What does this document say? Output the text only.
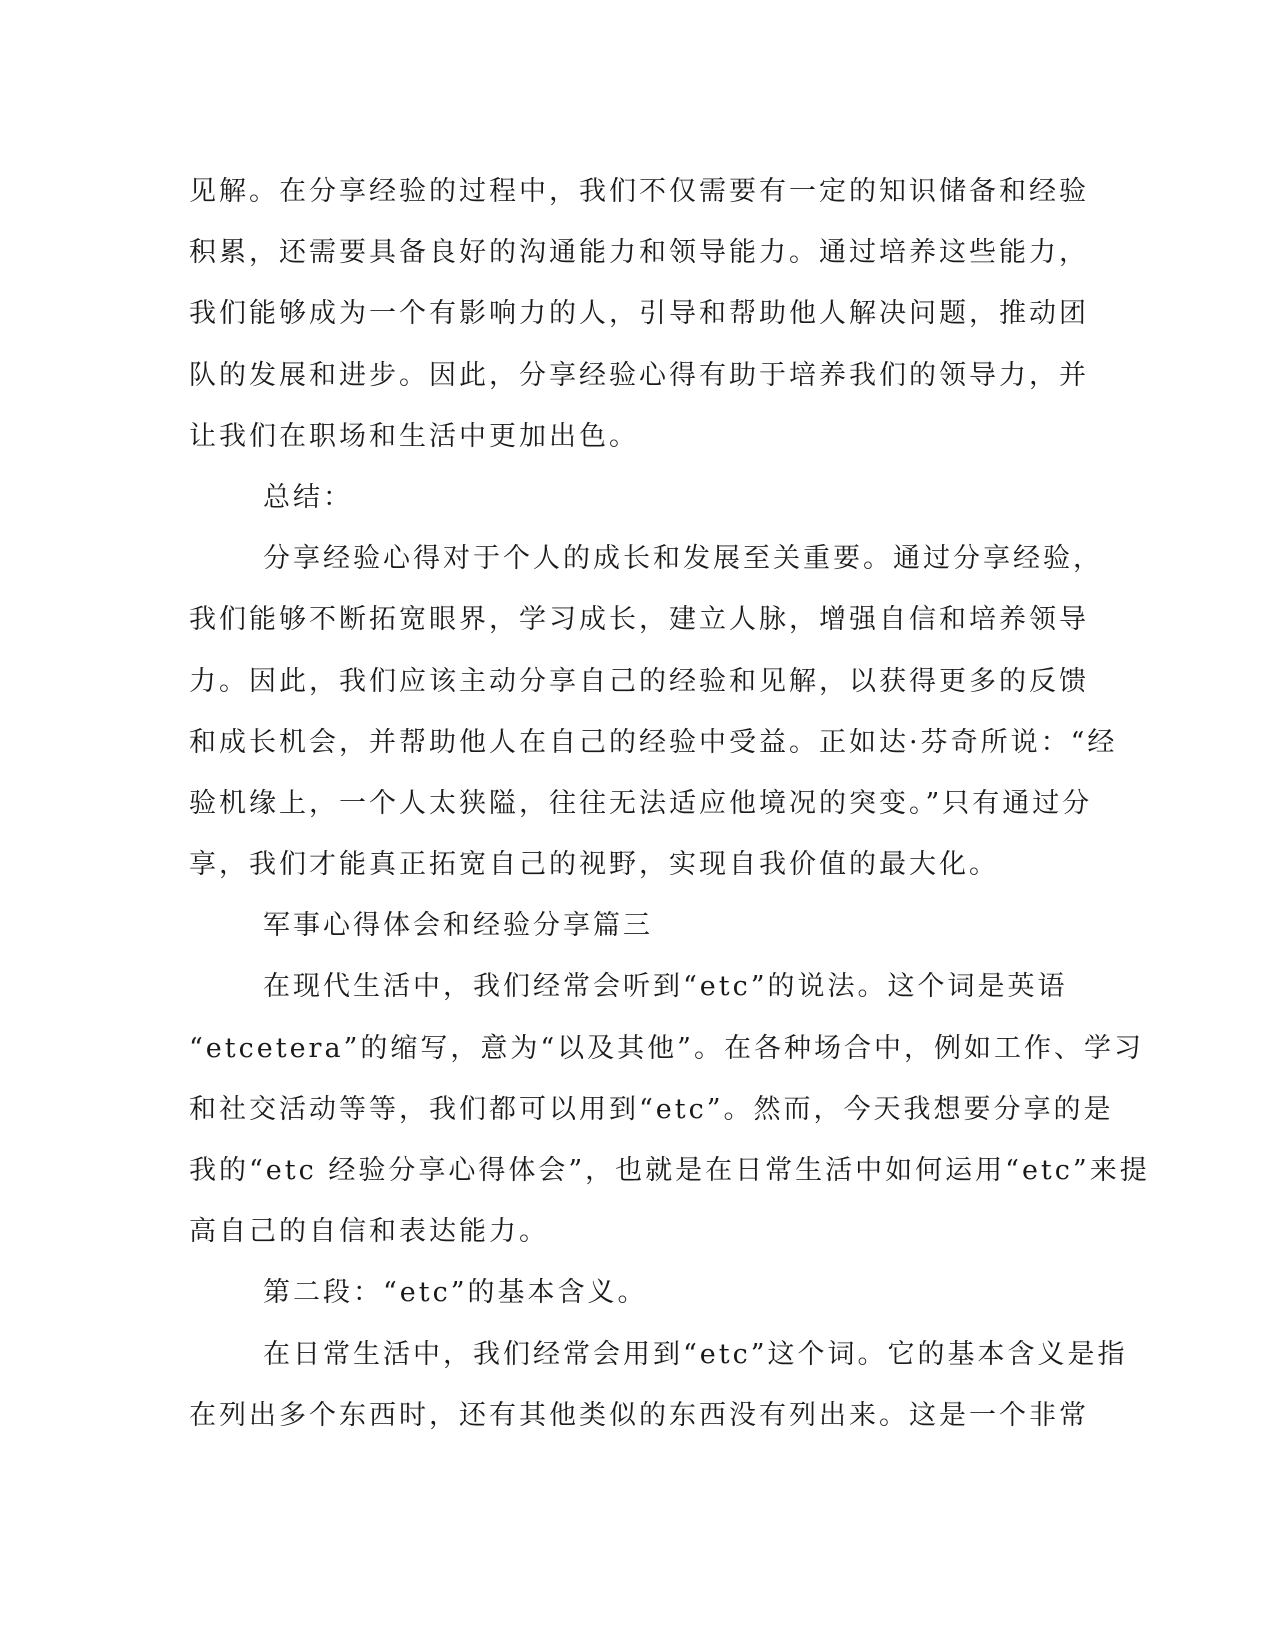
见解。在分享经验的过程中，我们不仅需要有一定的知识储备和经验
积累，还需要具备良好的沟通能力和领导能力。通过培养这些能力，
我们能够成为一个有影响力的人，引导和帮助他人解决问题，推动团
队的发展和进步。因此，分享经验心得有助于培养我们的领导力，并
让我们在职场和生活中更加出色。
总结：
分享经验心得对于个人的成长和发展至关重要。通过分享经验，
我们能够不断拓宽眼界，学习成长，建立人脉，增强自信和培养领导
力。因此，我们应该主动分享自己的经验和见解，以获得更多的反馈
和成长机会，并帮助他人在自己的经验中受益。正如达·芬奇所说：“经
验机缘上，一个人太狭隘，往往无法适应他境况的突变。”只有通过分
享，我们才能真正拓宽自己的视野，实现自我价值的最大化。
军事心得体会和经验分享篇三
在现代生活中，我们经常会听到“etc”的说法。这个词是英语
“etcetera”的缩写，意为“以及其他”。在各种场合中，例如工作、学习
和社交活动等等，我们都可以用到“etc”。然而，今天我想要分享的是
我的“etc 经验分享心得体会”，也就是在日常生活中如何运用“etc”来提
高自己的自信和表达能力。
第二段：“etc”的基本含义。
在日常生活中，我们经常会用到“etc”这个词。它的基本含义是指
在列出多个东西时，还有其他类似的东西没有列出来。这是一个非常
